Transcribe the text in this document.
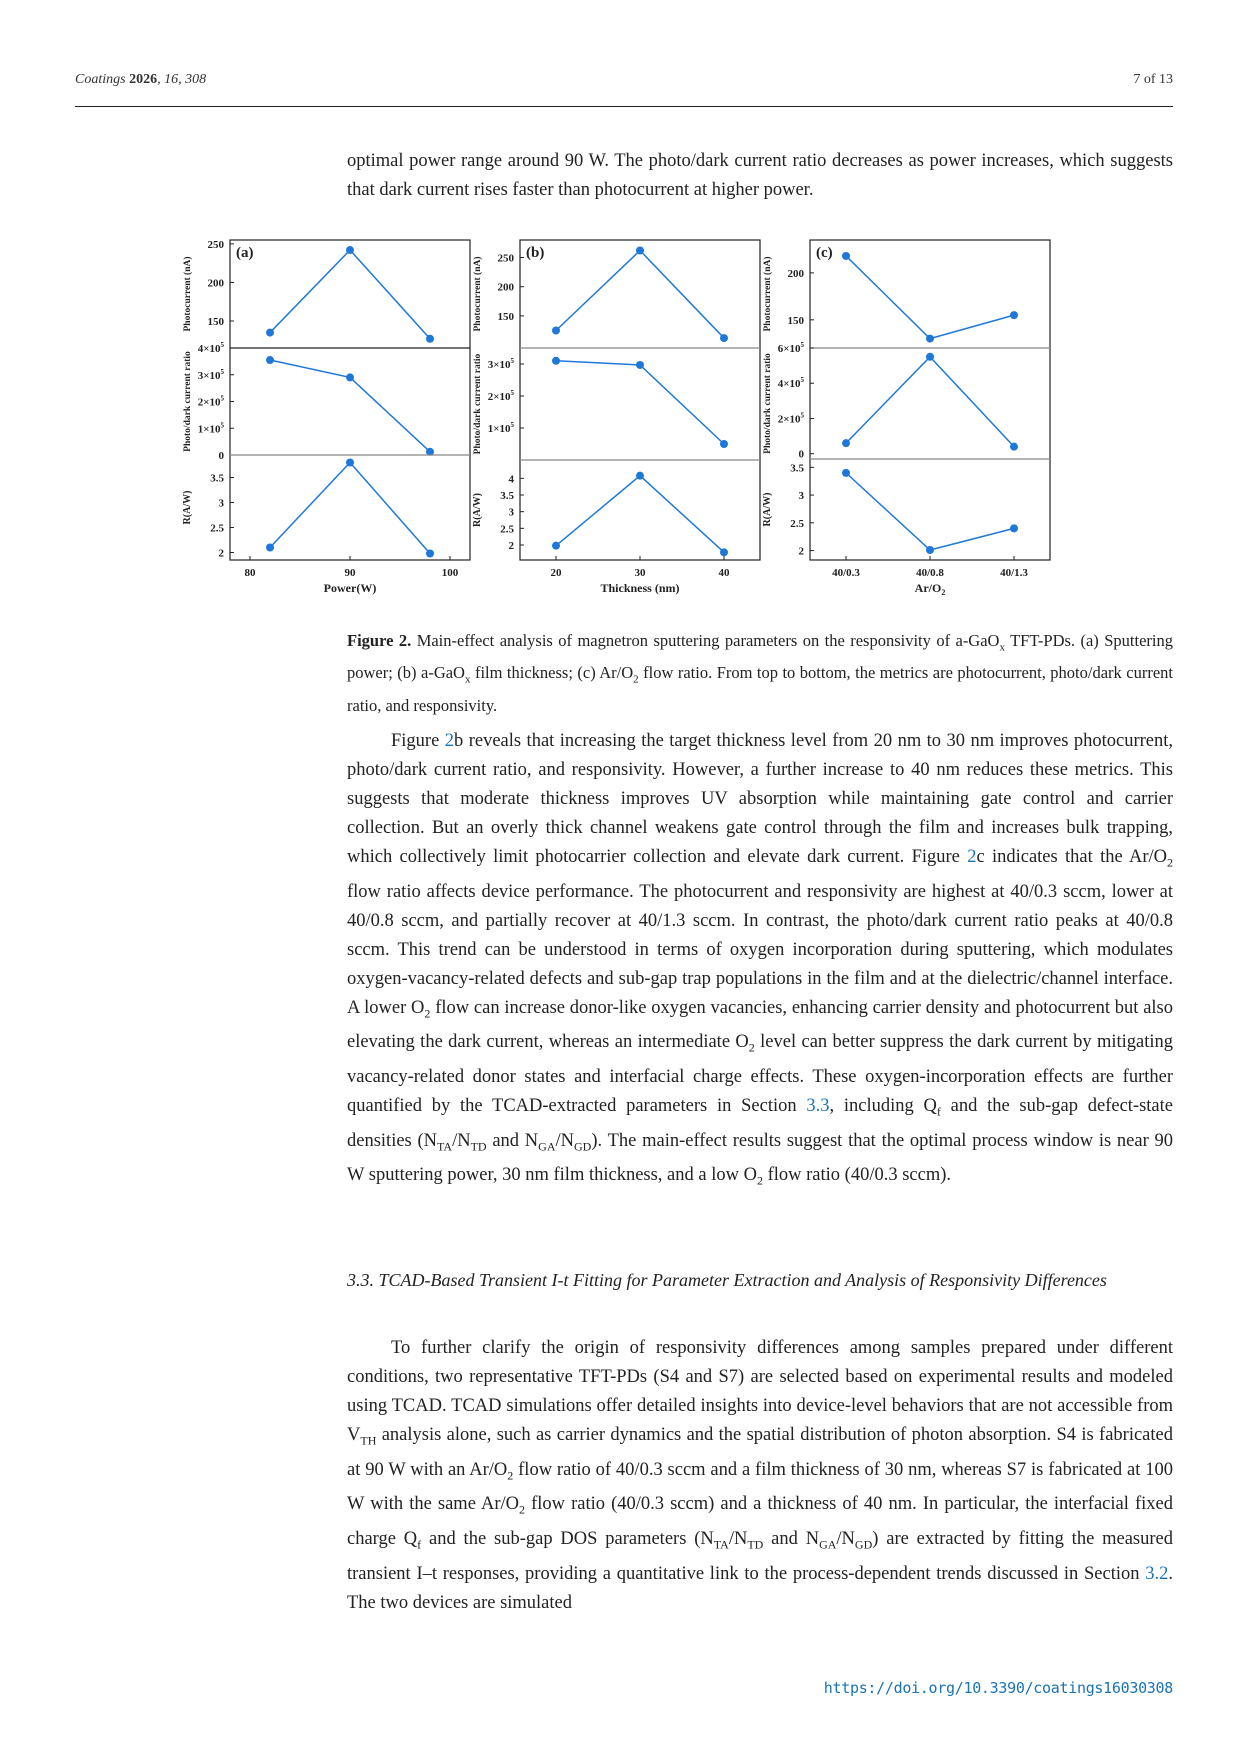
Coatings 2026, 16, 308	7 of 13
optimal power range around 90 W. The photo/dark current ratio decreases as power increases, which suggests that dark current rises faster than photocurrent at higher power.
(a)
150
200
250
Photocurrent (nA)
0
$1\times 10^5$
$2\times 10^5$
$3\times 10^5$
$4\times 10^5$
Photo/dark current ratio
2
2.5
3
3.5
R(A/W)
80	90	100
Power(W)
(b)
150
200
250
Photocurrent (nA)
$1\times 10^5$
$2\times 10^5$
$3\times 10^5$
Photo/dark current ratio
2
2.5
3
3.5
4
R(A/W)
20	30	40
Thickness (nm)
(c)
150
200
Photocurrent (nA)
0
$2\times 10^5$
$4\times 10^5$
$6\times 10^5$
Photo/dark current ratio
2
2.5
3
3.5
R(A/W)
40/0.3	40/0.8	40/1.3
$Ar/O_2$
Figure 2. Main-effect analysis of magnetron sputtering parameters on the responsivity of a-GaO$_x$ TFT-PDs. (a) Sputtering power; (b) a-GaO$_x$ film thickness; (c) $Ar/O_2$ flow ratio. From top to bottom, the metrics are photocurrent, photo/dark current ratio, and responsivity.
Figure 2b reveals that increasing the target thickness level from 20 nm to 30 nm improves photocurrent, photo/dark current ratio, and responsivity. However, a further increase to 40 nm reduces these metrics. This suggests that moderate thickness improves UV absorption while maintaining gate control and carrier collection. But an overly thick channel weakens gate control through the film and increases bulk trapping, which collectively limit photocarrier collection and elevate dark current. Figure 2c indicates that the $Ar/O_2$ flow ratio affects device performance. The photocurrent and responsivity are highest at 40/0.3 sccm, lower at 40/0.8 sccm, and partially recover at 40/1.3 sccm. In contrast, the photo/dark current ratio peaks at 40/0.8 sccm. This trend can be understood in terms of oxygen incorporation during sputtering, which modulates oxygen-vacancy-related defects and sub-gap trap populations in the film and at the dielectric/channel interface. A lower $O_2$ flow can increase donor-like oxygen vacancies, enhancing carrier density and photocurrent but also elevating the dark current, whereas an intermediate $O_2$ level can better suppress the dark current by mitigating vacancy-related donor states and interfacial charge effects. These oxygen-incorporation effects are further quantified by the TCAD-extracted parameters in Section 3.3, including $Q_f$ and the sub-gap defect-state densities ($N_{TA}/N_{TD}$ and $N_{GA}/N_{GD}$). The main-effect results suggest that the optimal process window is near 90 W sputtering power, 30 nm film thickness, and a low $O_2$ flow ratio (40/0.3 sccm).
3.3. TCAD-Based Transient I-t Fitting for Parameter Extraction and Analysis of Responsivity Differences
To further clarify the origin of responsivity differences among samples prepared under different conditions, two representative TFT-PDs (S4 and S7) are selected based on experimental results and modeled using TCAD. TCAD simulations offer detailed insights into device-level behaviors that are not accessible from $V_{TH}$ analysis alone, such as carrier dynamics and the spatial distribution of photon absorption. S4 is fabricated at 90 W with an $Ar/O_2$ flow ratio of 40/0.3 sccm and a film thickness of 30 nm, whereas S7 is fabricated at 100 W with the same $Ar/O_2$ flow ratio (40/0.3 sccm) and a thickness of 40 nm. In particular, the interfacial fixed charge $Q_f$ and the sub-gap DOS parameters ($N_{TA}/N_{TD}$ and $N_{GA}/N_{GD}$) are extracted by fitting the measured transient I–t responses, providing a quantitative link to the process-dependent trends discussed in Section 3.2. The two devices are simulated
https://doi.org/10.3390/coatings16030308
